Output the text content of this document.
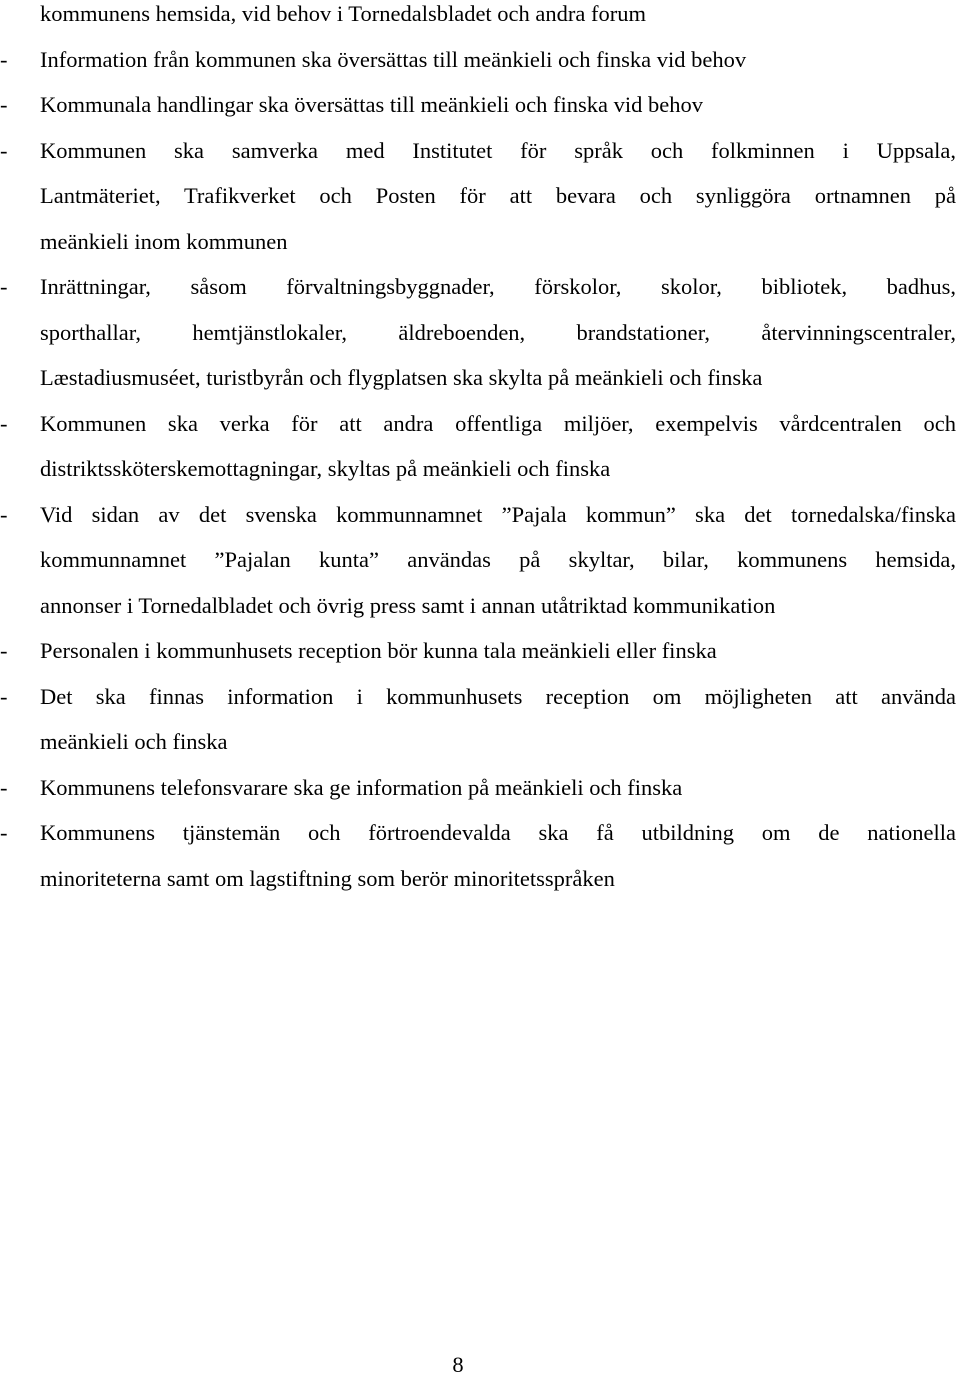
kommunens hemsida, vid behov i Tornedalsbladet och andra forum
-	Information från kommunen ska översättas till meänkieli och finska vid behov
-	Kommunala handlingar ska översättas till meänkieli och finska vid behov
-	Kommunen ska samverka med Institutet för språk och folkminnen i Uppsala,
Lantmäteriet, Trafikverket och Posten för att bevara och synliggöra ortnamnen på
meänkieli inom kommunen
-	Inrättningar, såsom förvaltningsbyggnader, förskolor, skolor, bibliotek, badhus,
sporthallar, hemtjänstlokaler, äldreboenden, brandstationer, återvinningscentraler,
Læstadiusmuséet, turistbyrån och flygplatsen ska skylta på meänkieli och finska
-	Kommunen ska verka för att andra offentliga miljöer, exempelvis vårdcentralen och
distriktssköterskemottagningar, skyltas på meänkieli och finska
-	Vid sidan av det svenska kommunnamnet ”Pajala kommun” ska det tornedalska/finska
kommunnamnet ”Pajalan kunta” användas på skyltar, bilar, kommunens hemsida,
annonser i Tornedalbladet och övrig press samt i annan utåtriktad kommunikation
-	Personalen i kommunhusets reception bör kunna tala meänkieli eller finska
-	Det ska finnas information i kommunhusets reception om möjligheten att använda
meänkieli och finska
-	Kommunens telefonsvarare ska ge information på meänkieli och finska
-	Kommunens tjänstemän och förtroendevalda ska få utbildning om de nationella
minoriteterna samt om lagstiftning som berör minoritetsspråken
8
